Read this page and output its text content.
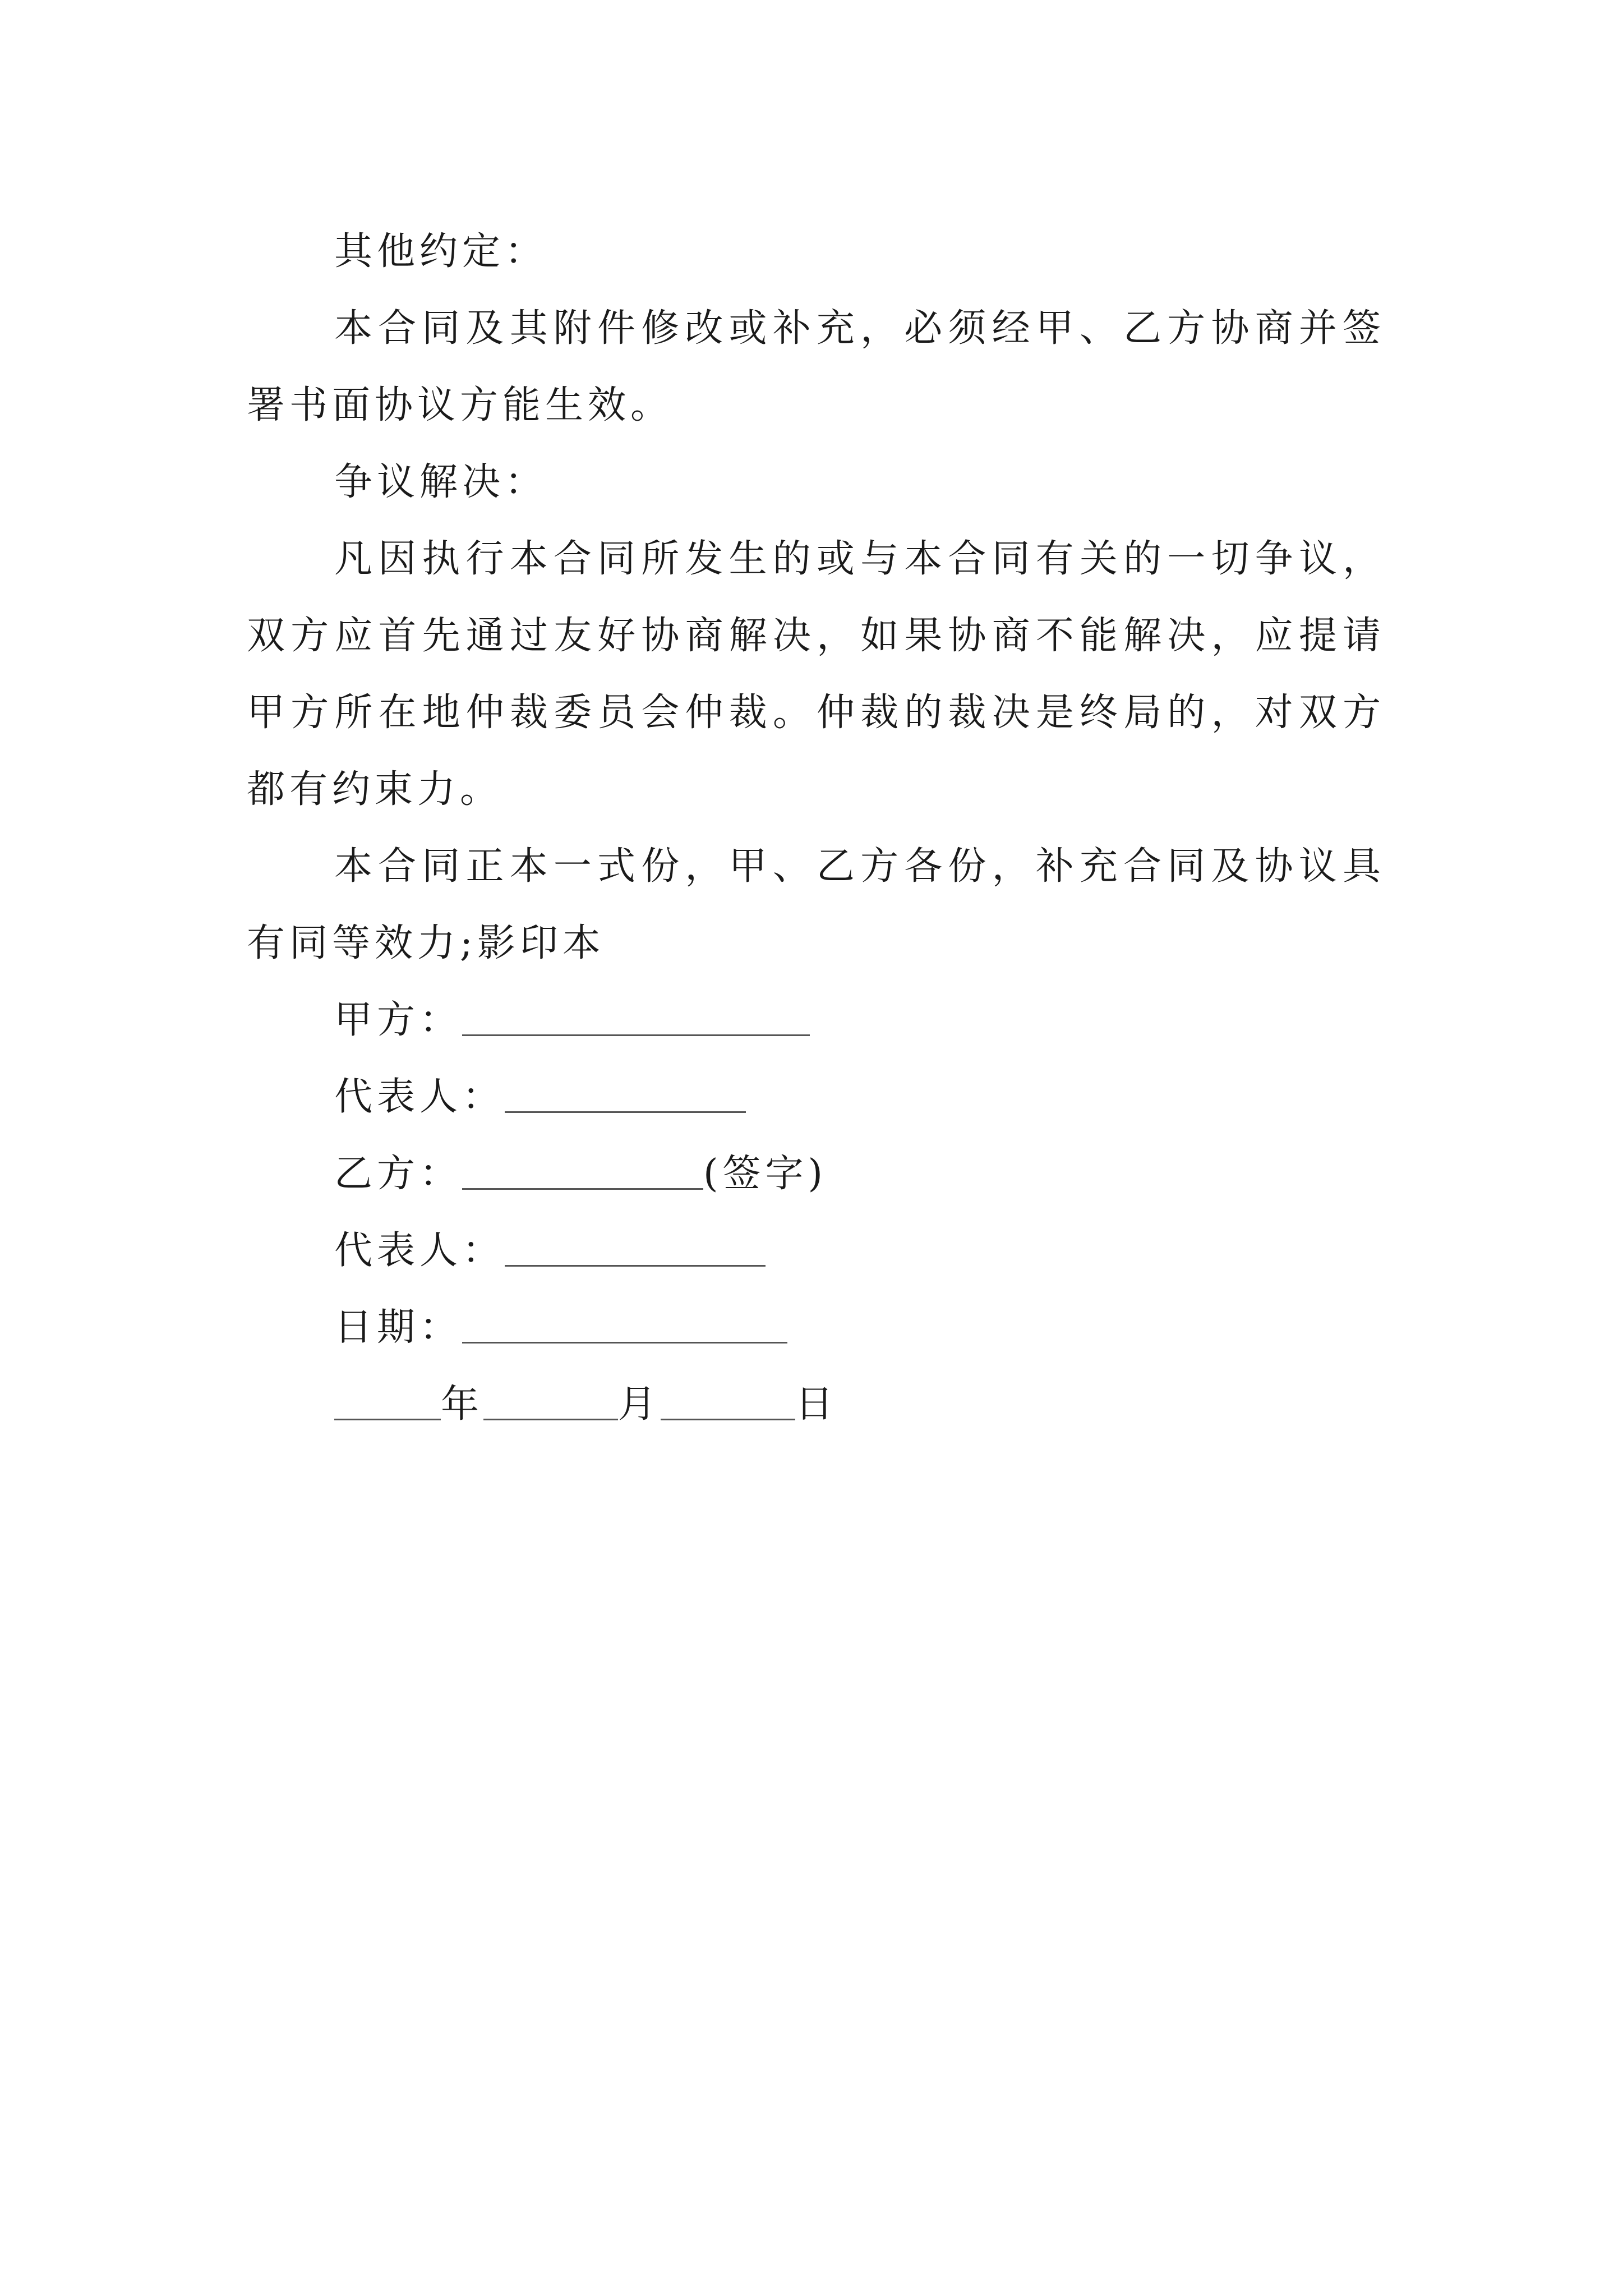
其他约定：

本合同及其附件修改或补充，必须经甲、乙方协商并签署书面协议方能生效。

争议解决：

凡因执行本合同所发生的或与本合同有关的一切争议，双方应首先通过友好协商解决，如果协商不能解决，应提请甲方所在地仲裁委员会仲裁。仲裁的裁决是终局的，对双方都有约束力。

本合同正本一式份，甲、乙方各份，补充合同及协议具有同等效力;影印本

甲方：

代表人：

乙方：	(签字)

代表人：

日期：

年	月	日
